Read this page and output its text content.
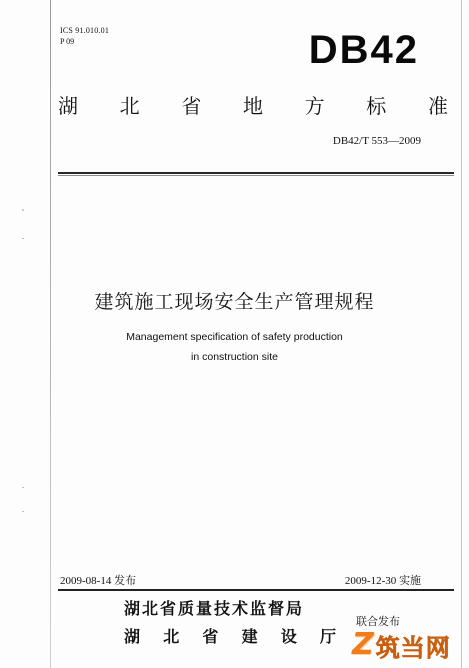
ICS 91.010.01
P 09	DB42
湖 北 省 地 方 标 准
DB42/T 553—2009
'
·
·
·
建筑施工现场安全生产管理规程
Management specification of safety production
in construction site
2009-08-14 发布	2009-12-30 实施
湖北省质量技术监督局
湖 北 省 建 设 厅
联合发布
Z 筑当网
